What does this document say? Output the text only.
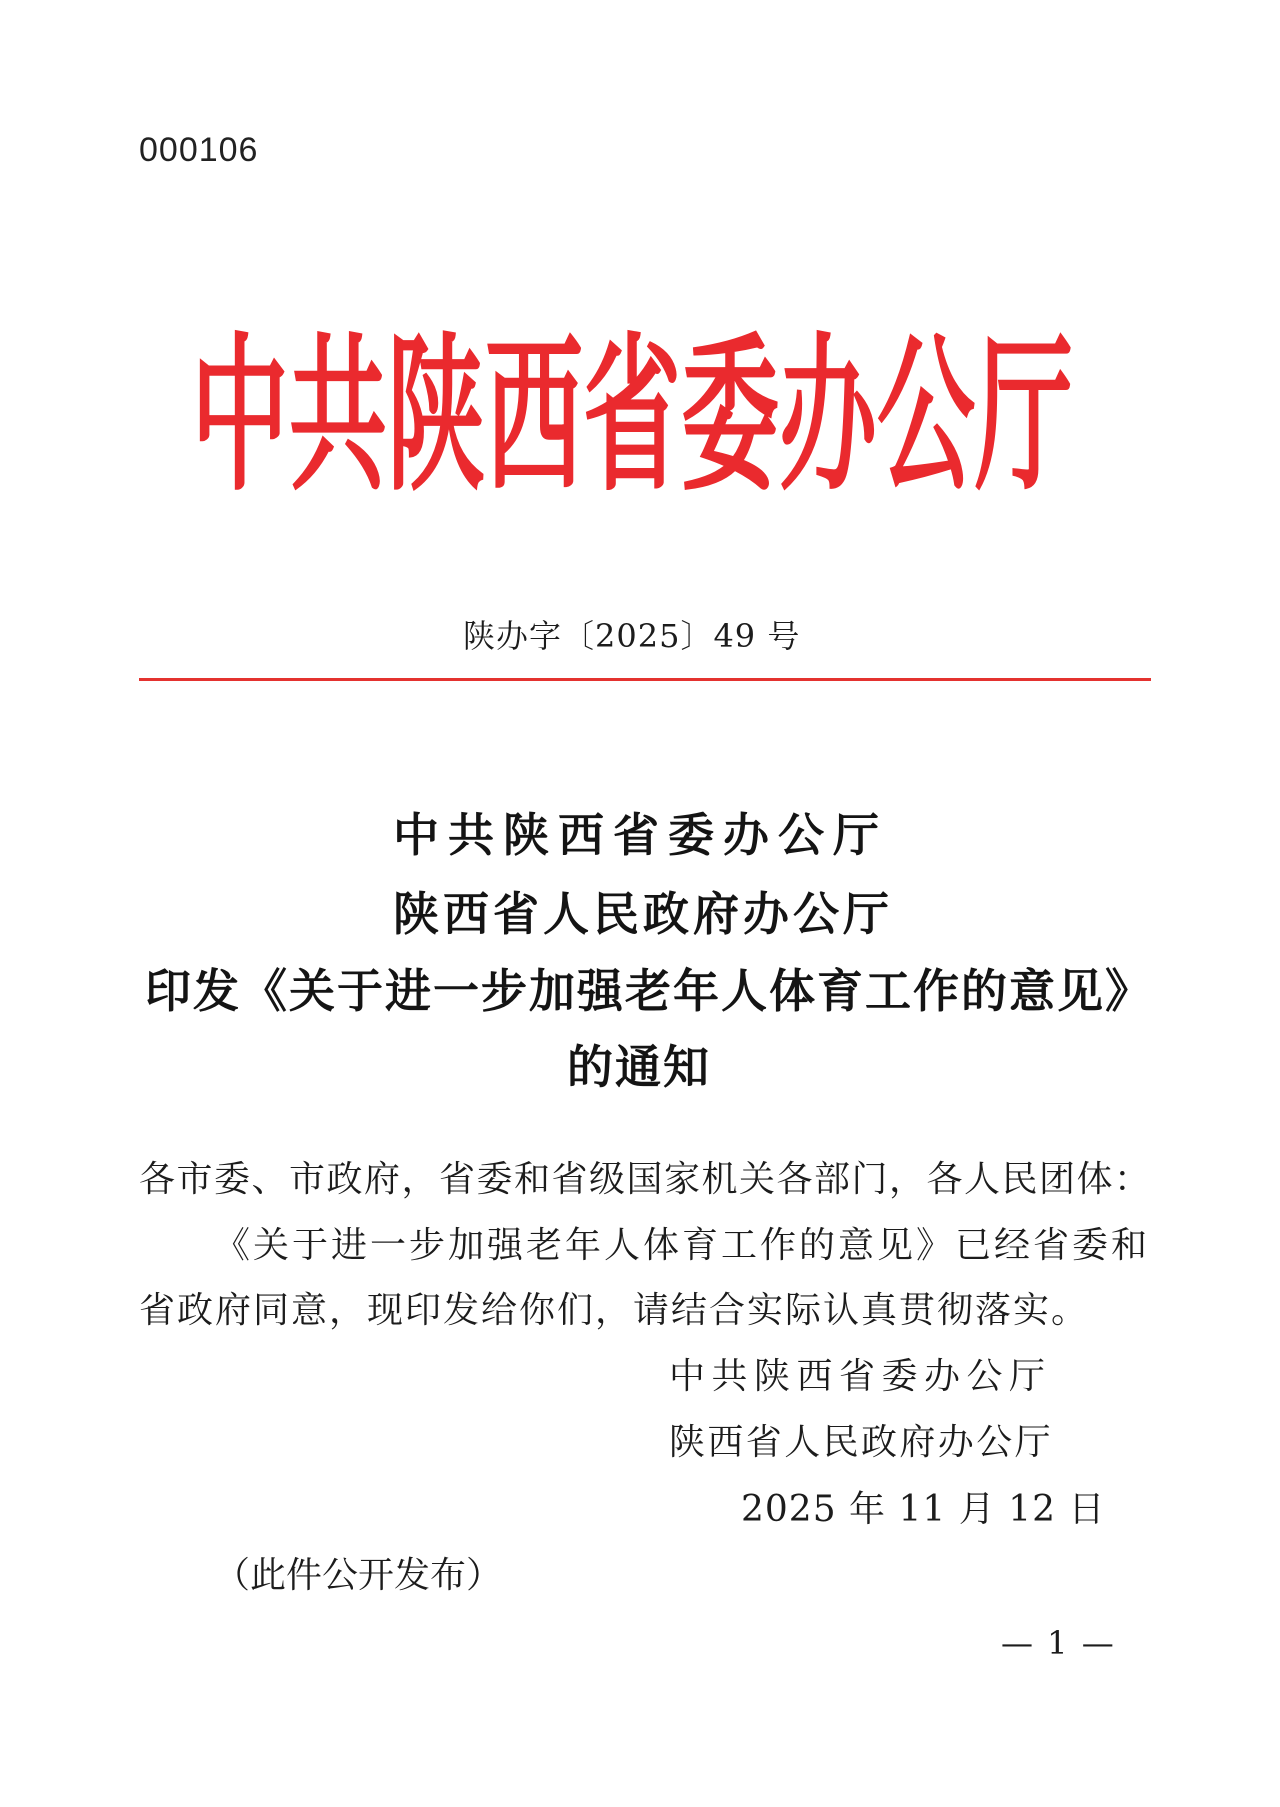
000106
中共陕西省委办公厅
陕办字〔2025〕49 号
中共陕西省委办公厅
陕西省人民政府办公厅
印发《关于进一步加强老年人体育工作的意见》
的通知
各市委、市政府，省委和省级国家机关各部门，各人民团体：
《关于进一步加强老年人体育工作的意见》已经省委和
省政府同意，现印发给你们，请结合实际认真贯彻落实。
中共陕西省委办公厅
陕西省人民政府办公厅
2025 年 11 月 12 日
（此件公开发布）
— 1 —
